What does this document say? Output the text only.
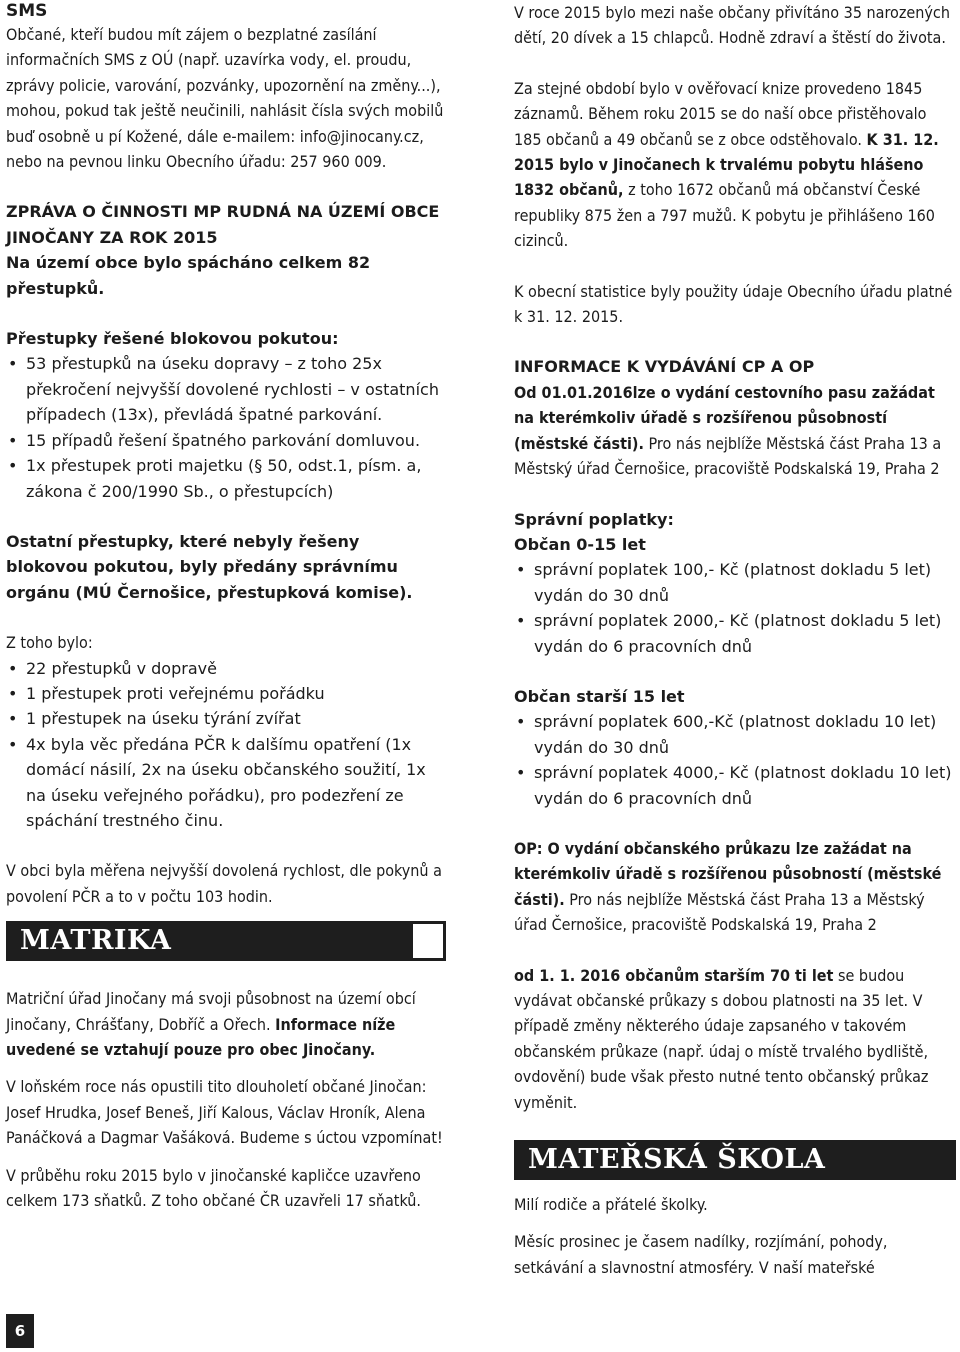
SMS

Občané, kteří budou mít zájem o bezplatné zasílání informačních SMS z OÚ (např. uzavírka vody, el. proudu, zprávy policie, varování, pozvánky, upozornění na změny...), mohou, pokud tak ještě neučinili, nahlásit čísla svých mobilů buď osobně u pí Kožené, dále e-mailem: info@jinocany.cz, nebo na pevnou linku Obecního úřadu: 257 960 009.

ZPRÁVA O ČINNOSTI MP RUDNÁ NA ÚZEMÍ OBCE JINOČANY ZA ROK 2015

Na území obce bylo spácháno celkem 82 přestupků.

Přestupky řešené blokovou pokutou:

• 53 přestupků na úseku dopravy – z toho 25x překročení nejvyšší dovolené rychlosti – v ostatních případech (13x), převládá špatné parkování.
• 15 případů řešení špatného parkování domluvou.
• 1x přestupek proti majetku (§ 50, odst.1, písm. a, zákona č 200/1990 Sb., o přestupcích)

Ostatní přestupky, které nebyly řešeny blokovou pokutou, byly předány správnímu orgánu (MÚ Černošice, přestupková komise).

Z toho bylo:

• 22 přestupků v dopravě
• 1 přestupek proti veřejnému pořádku
• 1 přestupek na úseku týrání zvířat
• 4x byla věc předána PČR k dalšímu opatření (1x domácí násilí, 2x na úseku občanského soužití, 1x na úseku veřejného pořádku), pro podezření ze spáchání trestného činu.

V obci byla měřena nejvyšší dovolená rychlost, dle pokynů a povolení PČR a to v počtu 103 hodin.

MATRIKA

Matriční úřad Jinočany má svoji působnost na území obcí Jinočany, Chrášťany, Dobříč a Ořech. Informace níže uvedené se vztahují pouze pro obec Jinočany.

V loňském roce nás opustili tito dlouholetí občané Jinočan: Josef Hrudka, Josef Beneš, Jiří Kalous, Václav Hroník, Alena Panáčková a Dagmar Vašáková. Budeme s úctou vzpomínat!

V průběhu roku 2015 bylo v jinočanské kapličce uzavřeno celkem 173 sňatků. Z toho občané ČR uzavřeli 17 sňatků.

V roce 2015 bylo mezi naše občany přivítáno 35 narozených dětí, 20 dívek a 15 chlapců. Hodně zdraví a štěstí do života.

Za stejné období bylo v ověřovací knize provedeno 1845 záznamů. Během roku 2015 se do naší obce přistěhovalo 185 občanů a 49 občanů se z obce odstěhovalo. K 31. 12. 2015 bylo v Jinočanech k trvalému pobytu hlášeno 1832 občanů, z toho 1672 občanů má občanství České republiky 875 žen a 797 mužů. K pobytu je přihlášeno 160 cizinců.

K obecní statistice byly použity údaje Obecního úřadu platné k 31. 12. 2015.

INFORMACE K VYDÁVÁNÍ CP A OP

Od 01.01.2016lze o vydání cestovního pasu zažádat na kterémkoliv úřadě s rozšířenou působností (městské části). Pro nás nejblíže Městská část Praha 13 a Městský úřad Černošice, pracoviště Podskalská 19, Praha 2

Správní poplatky:

Občan 0-15 let

• správní poplatek 100,- Kč (platnost dokladu 5 let) vydán do 30 dnů
• správní poplatek 2000,- Kč (platnost dokladu 5 let) vydán do 6 pracovních dnů

Občan starší 15 let

• správní poplatek 600,-Kč (platnost dokladu 10 let) vydán do 30 dnů
• správní poplatek 4000,- Kč (platnost dokladu 10 let) vydán do 6 pracovních dnů

OP: O vydání občanského průkazu lze zažádat na kterémkoliv úřadě s rozšířenou působností (městské části). Pro nás nejblíže Městská část Praha 13 a Městský úřad Černošice, pracoviště Podskalská 19, Praha 2

od 1. 1. 2016 občanům starším 70 ti let se budou vydávat občanské průkazy s dobou platnosti na 35 let. V případě změny některého údaje zapsaného v takovém občanském průkaze (např. údaj o místě trvalého bydliště, ovdovění) bude však přesto nutné tento občanský průkaz vyměnit.

MATEŘSKÁ ŠKOLA

Milí rodiče a přátelé školky.

Měsíc prosinec je časem nadílky, rozjímání, pohody, setkávání a slavnostní atmosféry. V naší mateřské

6
